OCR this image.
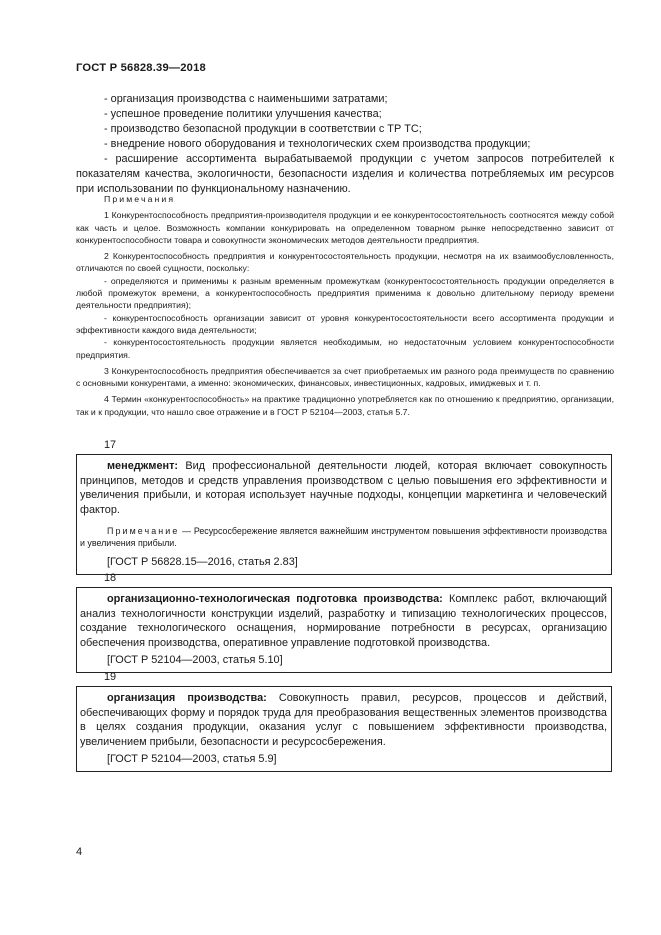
ГОСТ Р 56828.39—2018

- организация производства с наименьшими затратами;

- успешное проведение политики улучшения качества;

- производство безопасной продукции в соответствии с ТР ТС;

- внедрение нового оборудования и технологических схем производства продукции;

- расширение ассортимента вырабатываемой продукции с учетом запросов потребителей к показателям качества, экологичности, безопасности изделия и количества потребляемых им ресурсов при использовании по функциональному назначению.

Примечания

1 Конкурентоспособность предприятия-производителя продукции и ее конкурентосостоятельность соотносятся между собой как часть и целое. Возможность компании конкурировать на определенном товарном рынке непосредственно зависит от конкурентоспособности товара и совокупности экономических методов деятельности предприятия.

2 Конкурентоспособность предприятия и конкурентосостоятельность продукции, несмотря на их взаимообусловленность, отличаются по своей сущности, поскольку:

- определяются и применимы к разным временным промежуткам (конкурентосостоятельность продукции определяется в любой промежуток времени, а конкурентоспособность предприятия применима к довольно длительному периоду времени деятельности предприятия);

- конкурентоспособность организации зависит от уровня конкурентосостоятельности всего ассортимента продукции и эффективности каждого вида деятельности;

- конкурентосостоятельность продукции является необходимым, но недостаточным условием конкурентоспособности предприятия.

3 Конкурентоспособность предприятия обеспечивается за счет приобретаемых им разного рода преимуществ по сравнению с основными конкурентами, а именно: экономических, финансовых, инвестиционных, кадровых, имиджевых и т. п.

4 Термин «конкурентоспособность» на практике традиционно употребляется как по отношению к предприятию, организации, так и к продукции, что нашло свое отражение и в ГОСТ Р 52104—2003, статья 5.7.

17

менеджмент: Вид профессиональной деятельности людей, которая включает совокупность принципов, методов и средств управления производством с целью повышения его эффективности и увеличения прибыли, и которая использует научные подходы, концепции маркетинга и человеческий фактор.

Примечание — Ресурсосбережение является важнейшим инструментом повышения эффективности производства и увеличения прибыли.

[ГОСТ Р 56828.15—2016, статья 2.83]

18

организационно-технологическая подготовка производства: Комплекс работ, включающий анализ технологичности конструкции изделий, разработку и типизацию технологических процессов, создание технологического оснащения, нормирование потребности в ресурсах, организацию обеспечения производства, оперативное управление подготовкой производства.

[ГОСТ Р 52104—2003, статья 5.10]

19

организация производства: Совокупность правил, ресурсов, процессов и действий, обеспечивающих форму и порядок труда для преобразования вещественных элементов производства в целях создания продукции, оказания услуг с повышением эффективности производства, увеличением прибыли, безопасности и ресурсосбережения.

[ГОСТ Р 52104—2003, статья 5.9]

4
